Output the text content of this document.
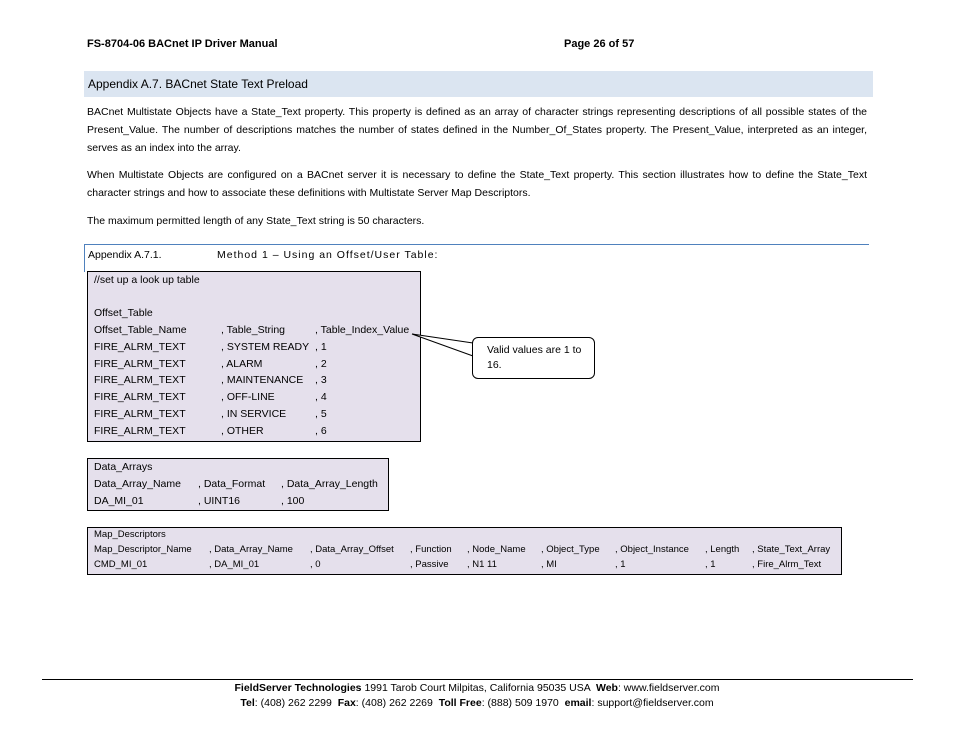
FS-8704-06 BACnet IP Driver Manual	Page 26 of 57
Appendix A.7. BACnet State Text Preload
BACnet Multistate Objects have a State_Text property. This property is defined as an array of character strings representing descriptions of all possible states of the Present_Value. The number of descriptions matches the number of states defined in the Number_Of_States property. The Present_Value, interpreted as an integer, serves as an index into the array.
When Multistate Objects are configured on a BACnet server it is necessary to define the State_Text property. This section illustrates how to define the State_Text character strings and how to associate these definitions with Multistate Server Map Descriptors.
The maximum permitted length of any State_Text string is 50 characters.
Appendix A.7.1.	Method 1 – Using an Offset/User Table:
//set up a look up table
Offset_Table
Offset_Table_Name	, Table_String	, Table_Index_Value
FIRE_ALRM_TEXT	, SYSTEM READY , 1
FIRE_ALRM_TEXT	, ALARM	, 2
FIRE_ALRM_TEXT	, MAINTENANCE , 3
FIRE_ALRM_TEXT	, OFF-LINE	, 4
FIRE_ALRM_TEXT	, IN SERVICE	, 5
FIRE_ALRM_TEXT	, OTHER	, 6
Valid values are 1 to 16.
Data_Arrays
Data_Array_Name , Data_Format , Data_Array_Length
DA_MI_01	, UINT16	, 100
Map_Descriptors
Map_Descriptor_Name , Data_Array_Name , Data_Array_Offset , Function , Node_Name , Object_Type , Object_Instance , Length , State_Text_Array
CMD_MI_01	, DA_MI_01	, 0	, Passive , N1 11	, MI	, 1	, 1	, Fire_Alrm_Text
FieldServer Technologies 1991 Tarob Court Milpitas, California 95035 USA Web: www.fieldserver.com
Tel: (408) 262 2299 Fax: (408) 262 2269 Toll Free: (888) 509 1970 email: support@fieldserver.com
